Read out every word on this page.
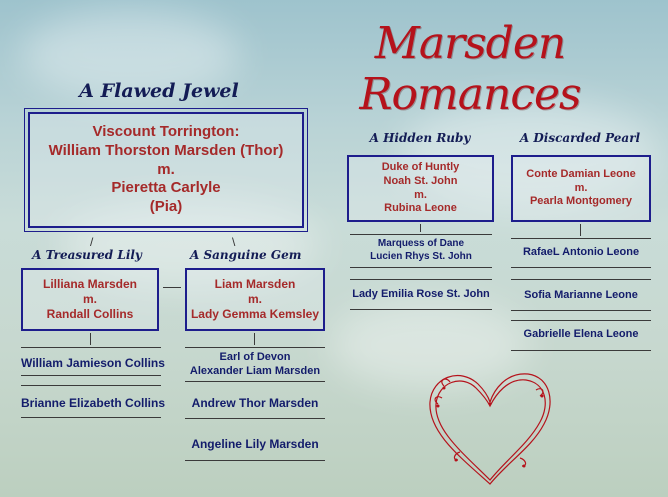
Marsden Romances
A Flawed Jewel
Viscount Torrington:
William Thorston Marsden (Thor)
m.
Pieretta Carlyle
(Pia)
/	\
A Treasured Lily
Lilliana Marsden
m.
Randall Collins
William Jamieson Collins
Brianne Elizabeth Collins
A Sanguine Gem
Liam Marsden
m.
Lady Gemma Kemsley
Earl of Devon
Alexander Liam Marsden
Andrew Thor Marsden
Angeline Lily Marsden
A Hidden Ruby
Duke of Huntly
Noah St. John
m.
Rubina Leone
Marquess of Dane
Lucien Rhys St. John
Lady Emilia Rose St. John
A Discarded Pearl
Conte Damian Leone
m.
Pearla Montgomery
RafaeL Antonio Leone
Sofia Marianne Leone
Gabrielle Elena Leone
